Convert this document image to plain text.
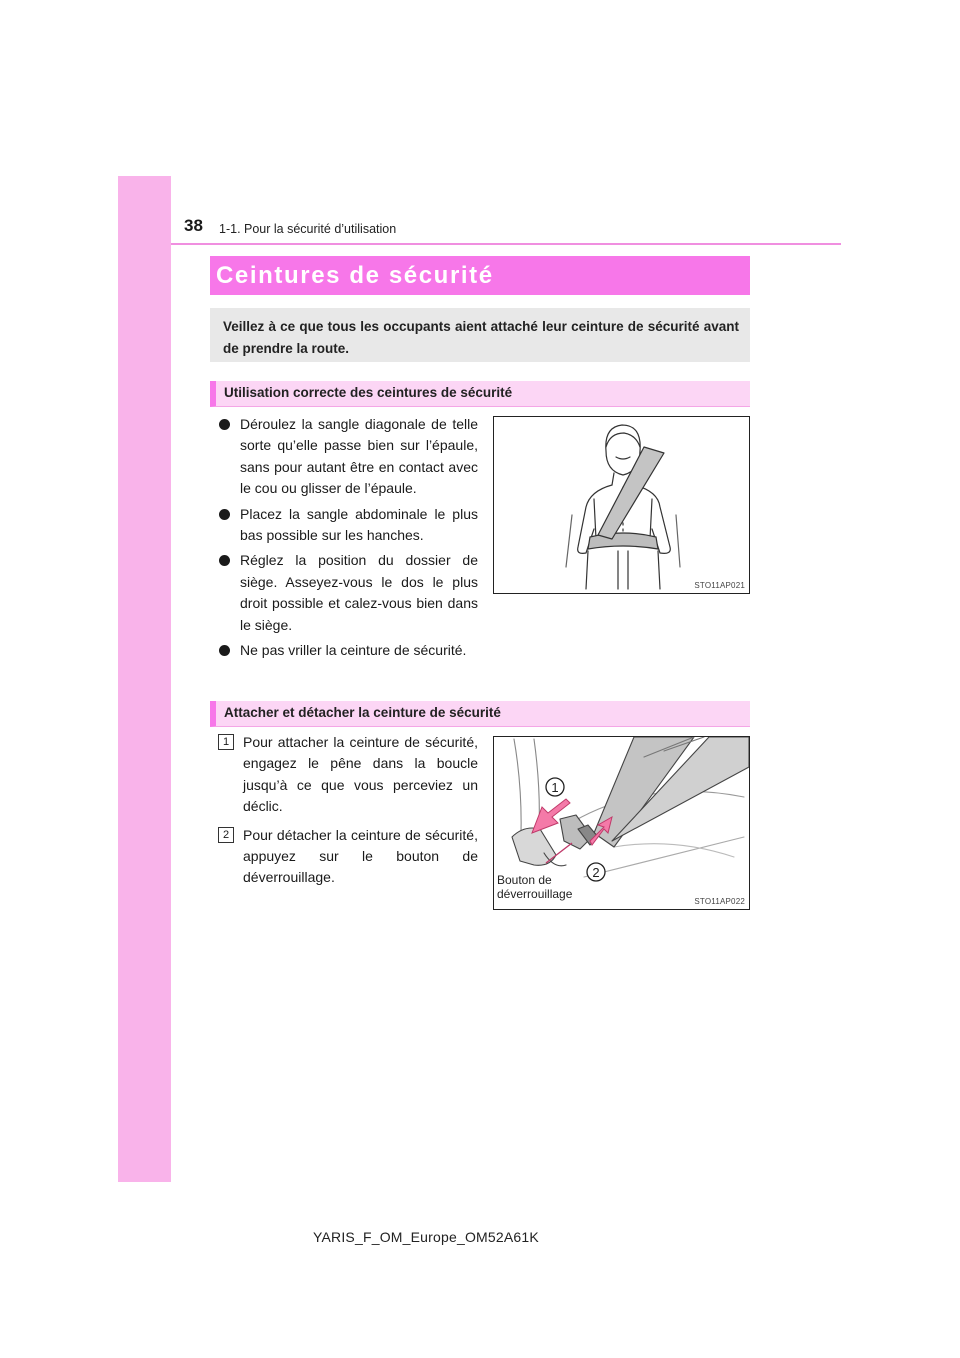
38 1-1. Pour la sécurité d’utilisation
Ceintures de sécurité
Veillez à ce que tous les occupants aient attaché leur ceinture de sécurité avant de prendre la route.
Utilisation correcte des ceintures de sécurité
Déroulez la sangle diagonale de telle sorte qu’elle passe bien sur l’épaule, sans pour autant être en contact avec le cou ou glisser de l’épaule.
Placez la sangle abdominale le plus bas possible sur les hanches.
Réglez la position du dossier de siège. Asseyez-vous le dos le plus droit possible et calez-vous bien dans le siège.
Ne pas vriller la ceinture de sécurité.
STO11AP021
Attacher et détacher la ceinture de sécurité
1 Pour attacher la ceinture de sécurité, engagez le pêne dans la boucle jusqu’à ce que vous perceviez un déclic.
2 Pour détacher la ceinture de sécurité, appuyez sur le bouton de déverrouillage.
1
2
Bouton de
déverrouillage
STO11AP022
YARIS_F_OM_Europe_OM52A61K
